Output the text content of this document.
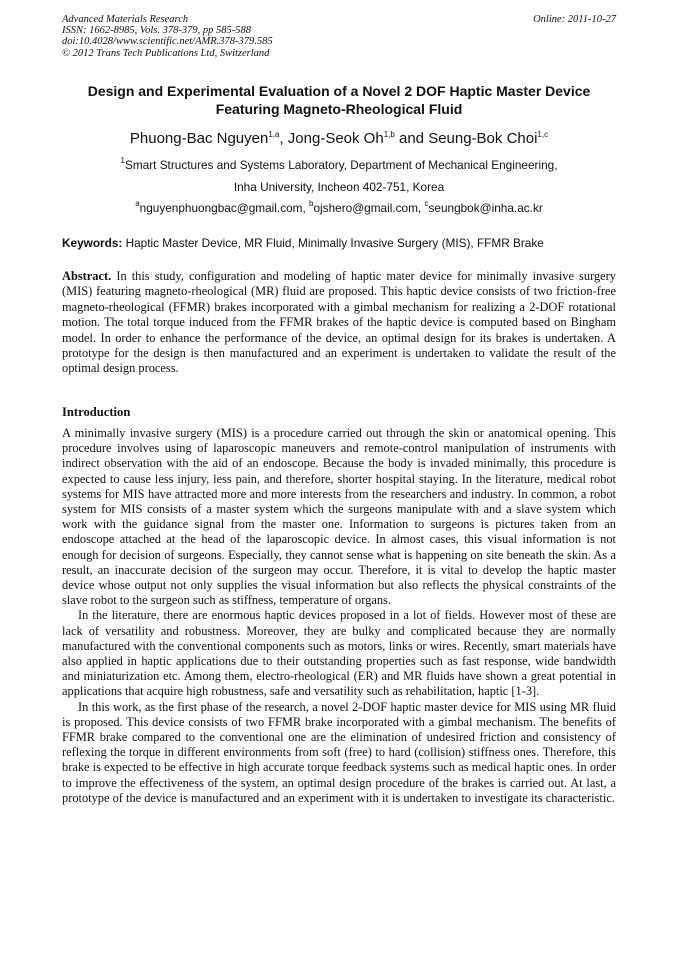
Advanced Materials Research
ISSN: 1662-8985, Vols. 378-379, pp 585-588
doi:10.4028/www.scientific.net/AMR.378-379.585
© 2012 Trans Tech Publications Ltd, Switzerland
Online: 2011-10-27
Design and Experimental Evaluation of a Novel 2 DOF Haptic Master Device Featuring Magneto-Rheological Fluid
Phuong-Bac Nguyen$^{1,a}$, Jong-Seok Oh$^{1,b}$ and Seung-Bok Choi$^{1,c}$
$^1$Smart Structures and Systems Laboratory, Department of Mechanical Engineering,
Inha University, Incheon 402-751, Korea
$^a$nguyenphuongbac@gmail.com, $^b$ojshero@gmail.com, $^c$seungbok@inha.ac.kr
Keywords: Haptic Master Device, MR Fluid, Minimally Invasive Surgery (MIS), FFMR Brake

Abstract. In this study, configuration and modeling of haptic mater device for minimally invasive surgery (MIS) featuring magneto-rheological (MR) fluid are proposed. This haptic device consists of two friction-free magneto-rheological (FFMR) brakes incorporated with a gimbal mechanism for realizing a 2-DOF rotational motion. The total torque induced from the FFMR brakes of the haptic device is computed based on Bingham model. In order to enhance the performance of the device, an optimal design for its brakes is undertaken. A prototype for the design is then manufactured and an experiment is undertaken to validate the result of the optimal design process.

Introduction

A minimally invasive surgery (MIS) is a procedure carried out through the skin or anatomical opening. This procedure involves using of laparoscopic maneuvers and remote-control manipulation of instruments with indirect observation with the aid of an endoscope. Because the body is invaded minimally, this procedure is expected to cause less injury, less pain, and therefore, shorter hospital staying. In the literature, medical robot systems for MIS have attracted more and more interests from the researchers and industry. In common, a robot system for MIS consists of a master system which the surgeons manipulate with and a slave system which work with the guidance signal from the master one. Information to surgeons is pictures taken from an endoscope attached at the head of the laparoscopic device. In almost cases, this visual information is not enough for decision of surgeons. Especially, they cannot sense what is happening on site beneath the skin. As a result, an inaccurate decision of the surgeon may occur. Therefore, it is vital to develop the haptic master device whose output not only supplies the visual information but also reflects the physical constraints of the slave robot to the surgeon such as stiffness, temperature of organs.

In the literature, there are enormous haptic devices proposed in a lot of fields. However most of these are lack of versatility and robustness. Moreover, they are bulky and complicated because they are normally manufactured with the conventional components such as motors, links or wires. Recently, smart materials have also applied in haptic applications due to their outstanding properties such as fast response, wide bandwidth and miniaturization etc. Among them, electro-rheological (ER) and MR fluids have shown a great potential in applications that acquire high robustness, safe and versatility such as rehabilitation, haptic [1-3].

In this work, as the first phase of the research, a novel 2-DOF haptic master device for MIS using MR fluid is proposed. This device consists of two FFMR brake incorporated with a gimbal mechanism. The benefits of FFMR brake compared to the conventional one are the elimination of undesired friction and consistency of reflexing the torque in different environments from soft (free) to hard (collision) stiffness ones. Therefore, this brake is expected to be effective in high accurate torque feedback systems such as medical haptic ones. In order to improve the effectiveness of the system, an optimal design procedure of the brakes is carried out. At last, a prototype of the device is manufactured and an experiment with it is undertaken to investigate its characteristic.
